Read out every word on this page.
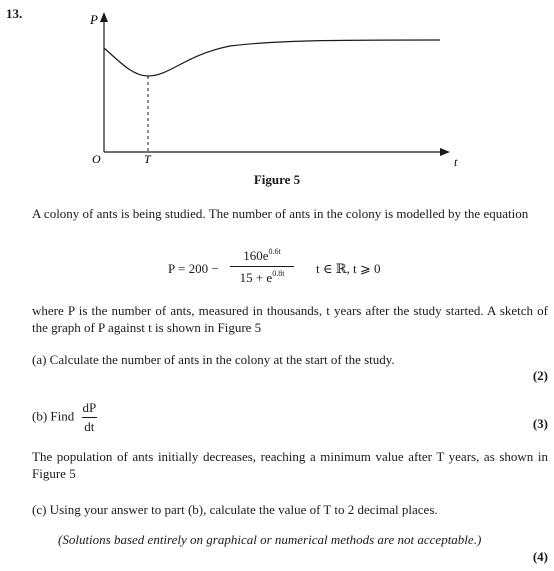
13.	P
O	T	t
Figure 5
A colony of ants is being studied. The number of ants in the colony is modelled by the equation
$P = 200 - \frac{160e^{0.6t}}{15 + e^{0.8t}}$ t ∈ ℝ, t ⩾ 0
where P is the number of ants, measured in thousands, t years after the study started. A sketch of the graph of P against t is shown in Figure 5
(a) Calculate the number of ants in the colony at the start of the study.
(2)
(b) Find $\frac{dP}{dt}$	(3)
The population of ants initially decreases, reaching a minimum value after T years, as shown in Figure 5
(c) Using your answer to part (b), calculate the value of T to 2 decimal places.
(Solutions based entirely on graphical or numerical methods are not acceptable.)
(4)
